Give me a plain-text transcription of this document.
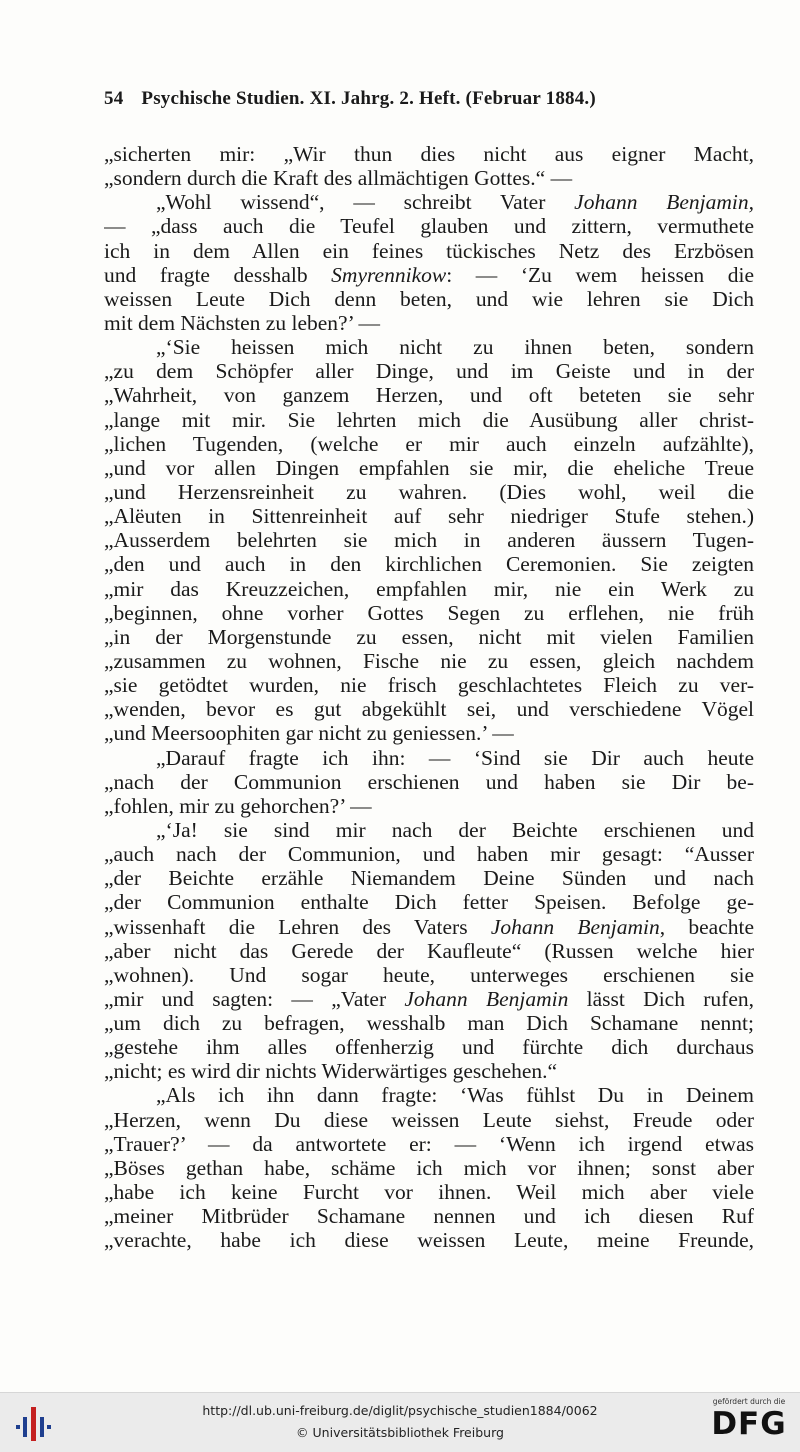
54 Psychische Studien. XI. Jahrg. 2. Heft. (Februar 1884.)
„sicherten mir: „Wir thun dies nicht aus eigner Macht,
„sondern durch die Kraft des allmächtigen Gottes.“ —
„Wohl wissend“, — schreibt Vater Johann Benjamin,
— „dass auch die Teufel glauben und zittern, vermuthete
ich in dem Allen ein feines tückisches Netz des Erzbösen
und fragte desshalb Smyrennikow: — ‘Zu wem heissen die
weissen Leute Dich denn beten, und wie lehren sie Dich
mit dem Nächsten zu leben?’ —
„‘Sie heissen mich nicht zu ihnen beten, sondern
„zu dem Schöpfer aller Dinge, und im Geiste und in der
„Wahrheit, von ganzem Herzen, und oft beteten sie sehr
„lange mit mir. Sie lehrten mich die Ausübung aller christ-
„lichen Tugenden, (welche er mir auch einzeln aufzählte),
„und vor allen Dingen empfahlen sie mir, die eheliche Treue
„und Herzensreinheit zu wahren. (Dies wohl, weil die
„Alëuten in Sittenreinheit auf sehr niedriger Stufe stehen.)
„Ausserdem belehrten sie mich in anderen äussern Tugen-
„den und auch in den kirchlichen Ceremonien. Sie zeigten
„mir das Kreuzzeichen, empfahlen mir, nie ein Werk zu
„beginnen, ohne vorher Gottes Segen zu erflehen, nie früh
„in der Morgenstunde zu essen, nicht mit vielen Familien
„zusammen zu wohnen, Fische nie zu essen, gleich nachdem
„sie getödtet wurden, nie frisch geschlachtetes Fleich zu ver-
„wenden, bevor es gut abgekühlt sei, und verschiedene Vögel
„und Meersoophiten gar nicht zu geniessen.’ —
„Darauf fragte ich ihn: — ‘Sind sie Dir auch heute
„nach der Communion erschienen und haben sie Dir be-
„fohlen, mir zu gehorchen?’ —
„‘Ja! sie sind mir nach der Beichte erschienen und
„auch nach der Communion, und haben mir gesagt: “Ausser
„der Beichte erzähle Niemandem Deine Sünden und nach
„der Communion enthalte Dich fetter Speisen. Befolge ge-
„wissenhaft die Lehren des Vaters Johann Benjamin, beachte
„aber nicht das Gerede der Kaufleute“ (Russen welche hier
„wohnen). Und sogar heute, unterweges erschienen sie
„mir und sagten: — „Vater Johann Benjamin lässt Dich rufen,
„um dich zu befragen, wesshalb man Dich Schamane nennt;
„gestehe ihm alles offenherzig und fürchte dich durchaus
„nicht; es wird dir nichts Widerwärtiges geschehen.“
„Als ich ihn dann fragte: ‘Was fühlst Du in Deinem
„Herzen, wenn Du diese weissen Leute siehst, Freude oder
„Trauer?’ — da antwortete er: — ‘Wenn ich irgend etwas
„Böses gethan habe, schäme ich mich vor ihnen; sonst aber
„habe ich keine Furcht vor ihnen. Weil mich aber viele
„meiner Mitbrüder Schamane nennen und ich diesen Ruf
„verachte, habe ich diese weissen Leute, meine Freunde,
http://dl.ub.uni-freiburg.de/diglit/psychische_studien1884/0062
© Universitätsbibliothek Freiburg
gefördert durch die
DFG
